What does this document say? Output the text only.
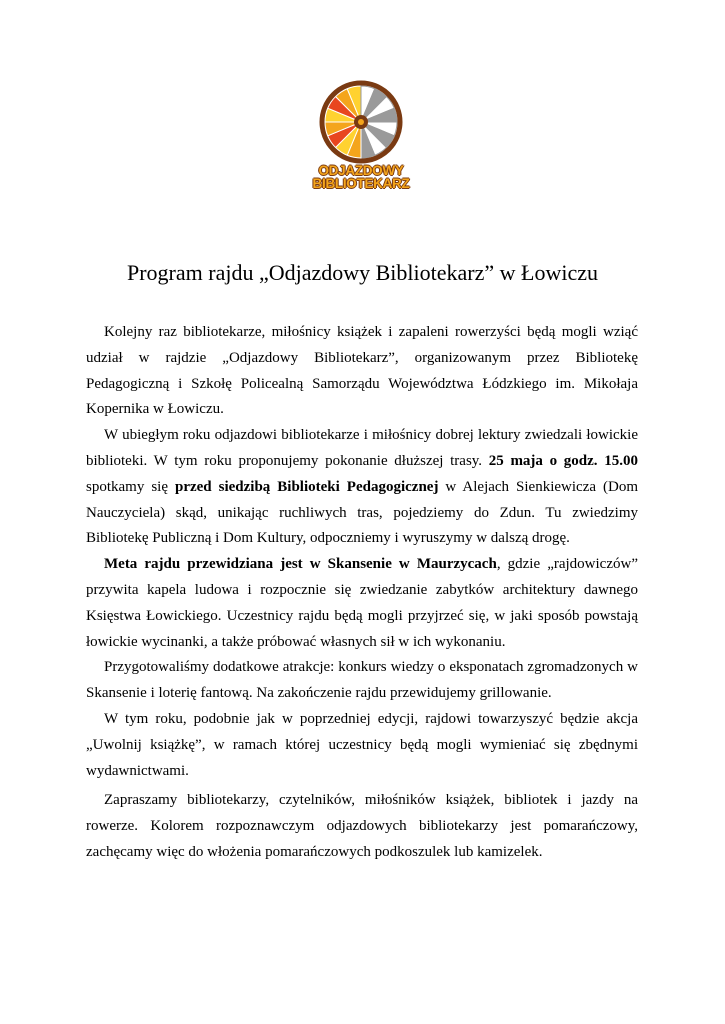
ODJAZDOWY
BIBLIOTEKARZ
Program rajdu „Odjazdowy Bibliotekarz” w Łowiczu

Kolejny raz bibliotekarze, miłośnicy książek i zapaleni rowerzyści będą mogli wziąć udział w rajdzie „Odjazdowy Bibliotekarz”, organizowanym przez Bibliotekę Pedagogiczną i Szkołę Policealną Samorządu Województwa Łódzkiego im. Mikołaja Kopernika w Łowiczu.

W ubiegłym roku odjazdowi bibliotekarze i miłośnicy dobrej lektury zwiedzali łowickie biblioteki. W tym roku proponujemy pokonanie dłuższej trasy. 25 maja o godz. 15.00 spotkamy się przed siedzibą Biblioteki Pedagogicznej w Alejach Sienkiewicza (Dom Nauczyciela) skąd, unikając ruchliwych tras, pojedziemy do Zdun. Tu zwiedzimy Bibliotekę Publiczną i Dom Kultury, odpoczniemy i wyruszymy w dalszą drogę.

Meta rajdu przewidziana jest w Skansenie w Maurzycach, gdzie „rajdowiczów” przywita kapela ludowa i rozpocznie się zwiedzanie zabytków architektury dawnego Księstwa Łowickiego. Uczestnicy rajdu będą mogli przyjrzeć się, w jaki sposób powstają łowickie wycinanki, a także próbować własnych sił w ich wykonaniu.

Przygotowaliśmy dodatkowe atrakcje: konkurs wiedzy o eksponatach zgromadzonych w Skansenie i loterię fantową. Na zakończenie rajdu przewidujemy grillowanie.

W tym roku, podobnie jak w poprzedniej edycji, rajdowi towarzyszyć będzie akcja „Uwolnij książkę”, w ramach której uczestnicy będą mogli wymieniać się zbędnymi wydawnictwami.

Zapraszamy bibliotekarzy, czytelników, miłośników książek, bibliotek i jazdy na rowerze. Kolorem rozpoznawczym odjazdowych bibliotekarzy jest pomarańczowy, zachęcamy więc do włożenia pomarańczowych podkoszulek lub kamizelek.
